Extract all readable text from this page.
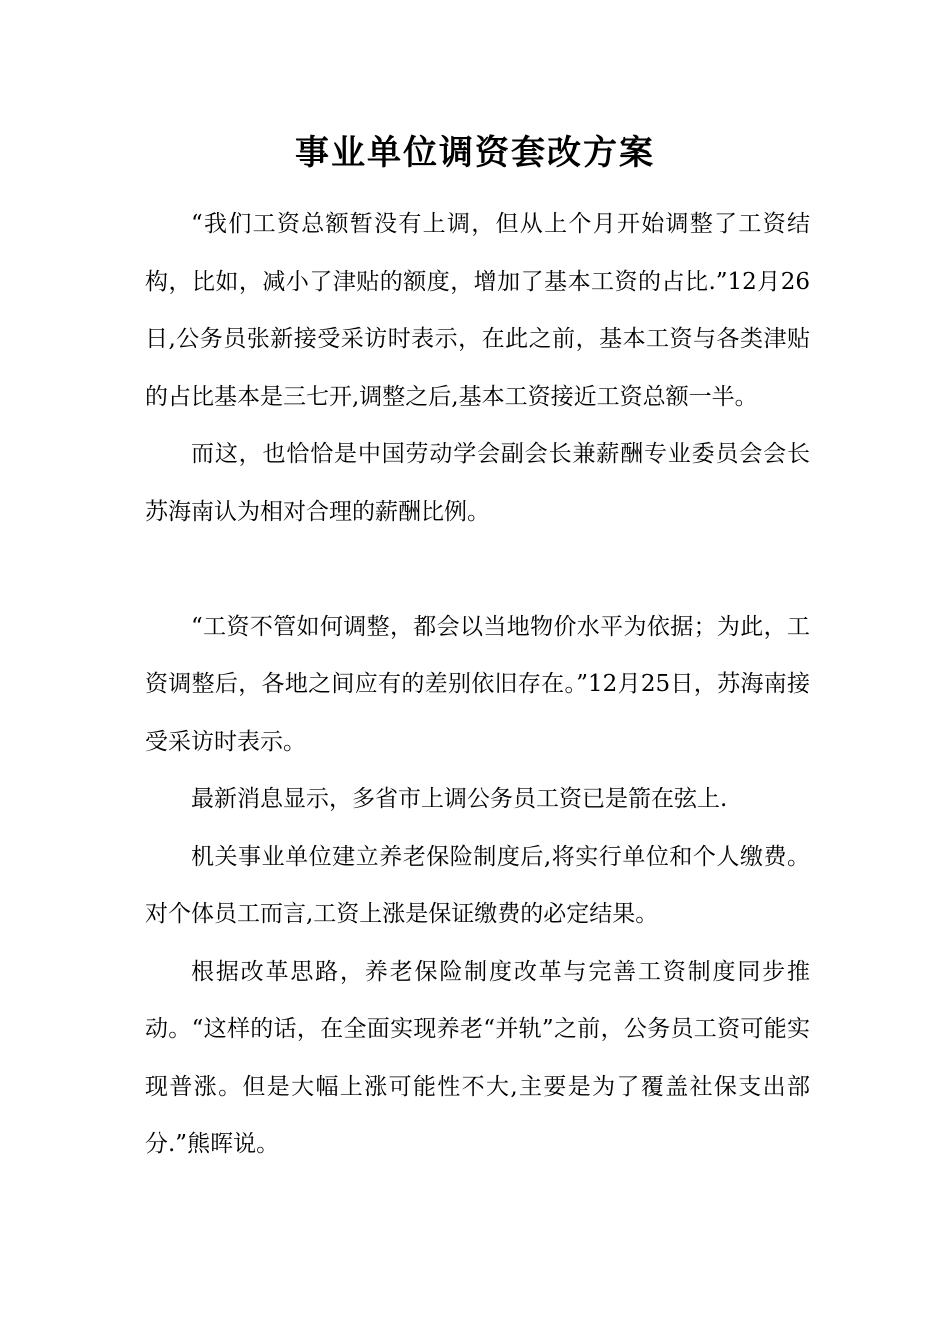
事业单位调资套改方案

“我们工资总额暂没有上调，但从上个月开始调整了工资结构，比如，减小了津贴的额度，增加了基本工资的占比.”12月26日,公务员张新接受采访时表示，在此之前，基本工资与各类津贴的占比基本是三七开,调整之后,基本工资接近工资总额一半。

而这，也恰恰是中国劳动学会副会长兼薪酬专业委员会会长苏海南认为相对合理的薪酬比例。

“工资不管如何调整，都会以当地物价水平为依据；为此，工资调整后，各地之间应有的差别依旧存在。”12月25日，苏海南接受采访时表示。

最新消息显示，多省市上调公务员工资已是箭在弦上.

机关事业单位建立养老保险制度后,将实行单位和个人缴费。对个体员工而言,工资上涨是保证缴费的必定结果。

根据改革思路，养老保险制度改革与完善工资制度同步推动。“这样的话，在全面实现养老“并轨”之前，公务员工资可能实现普涨。但是大幅上涨可能性不大,主要是为了覆盖社保支出部分.”熊晖说。
